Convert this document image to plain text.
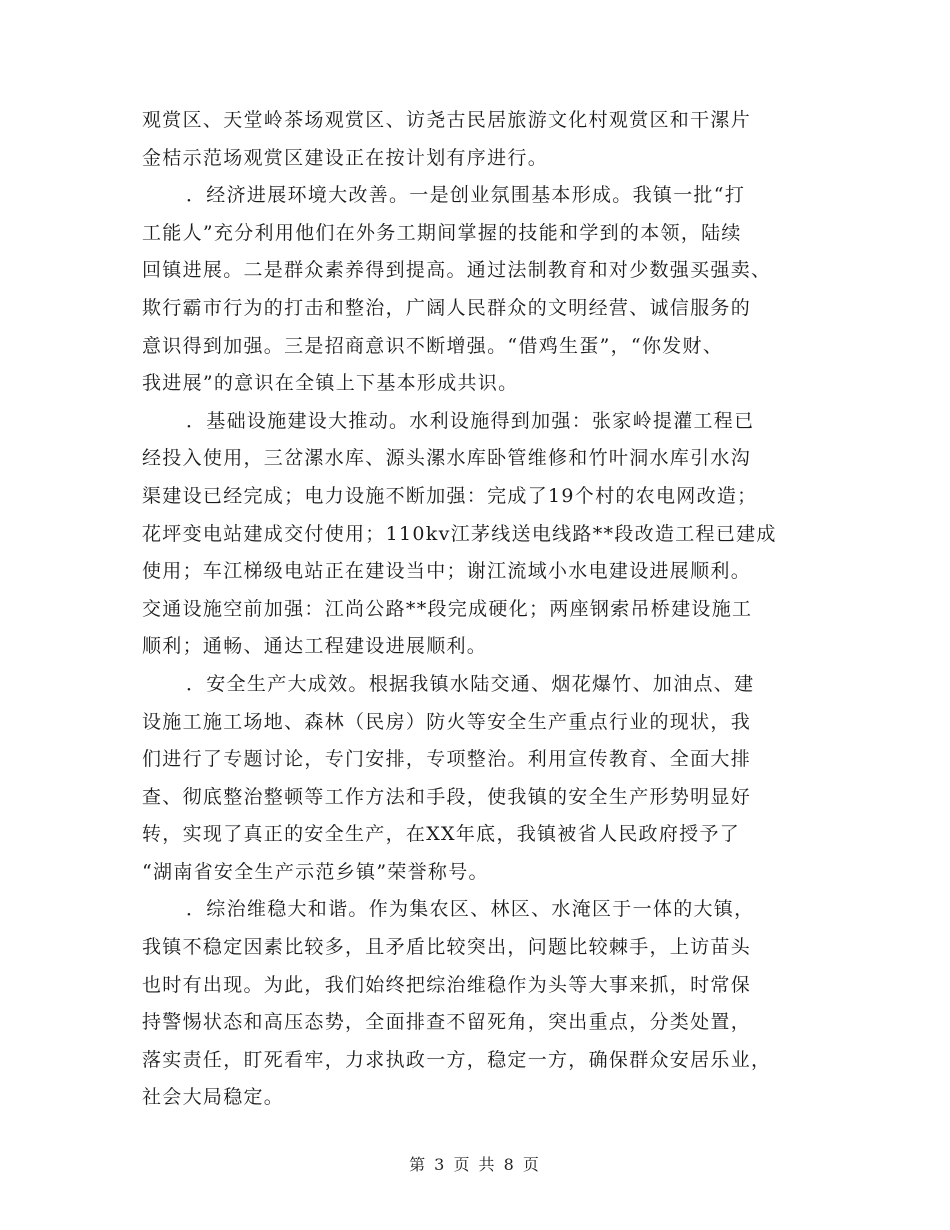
观赏区、天堂岭茶场观赏区、访尧古民居旅游文化村观赏区和干漯片
金桔示范场观赏区建设正在按计划有序进行。
．经济进展环境大改善。一是创业氛围基本形成。我镇一批“打
工能人”充分利用他们在外务工期间掌握的技能和学到的本领，陆续
回镇进展。二是群众素养得到提高。通过法制教育和对少数强买强卖、
欺行霸市行为的打击和整治，广阔人民群众的文明经营、诚信服务的
意识得到加强。三是招商意识不断增强。“借鸡生蛋”，“你发财、
我进展”的意识在全镇上下基本形成共识。
．基础设施建设大推动。水利设施得到加强：张家岭提灌工程已
经投入使用，三岔漯水库、源头漯水库卧管维修和竹叶洞水库引水沟
渠建设已经完成；电力设施不断加强：完成了19个村的农电网改造；
花坪变电站建成交付使用；110kv江茅线送电线路**段改造工程已建成
使用；车江梯级电站正在建设当中；谢江流域小水电建设进展顺利。
交通设施空前加强：江尚公路**段完成硬化；两座钢索吊桥建设施工
顺利；通畅、通达工程建设进展顺利。
．安全生产大成效。根据我镇水陆交通、烟花爆竹、加油点、建
设施工施工场地、森林（民房）防火等安全生产重点行业的现状，我
们进行了专题讨论，专门安排，专项整治。利用宣传教育、全面大排
查、彻底整治整顿等工作方法和手段，使我镇的安全生产形势明显好
转，实现了真正的安全生产，在XX年底，我镇被省人民政府授予了
“湖南省安全生产示范乡镇”荣誉称号。
．综治维稳大和谐。作为集农区、林区、水淹区于一体的大镇，
我镇不稳定因素比较多，且矛盾比较突出，问题比较棘手，上访苗头
也时有出现。为此，我们始终把综治维稳作为头等大事来抓，时常保
持警惕状态和高压态势，全面排查不留死角，突出重点，分类处置，
落实责任，盯死看牢，力求执政一方，稳定一方，确保群众安居乐业，
社会大局稳定。
第 3 页 共 8 页
